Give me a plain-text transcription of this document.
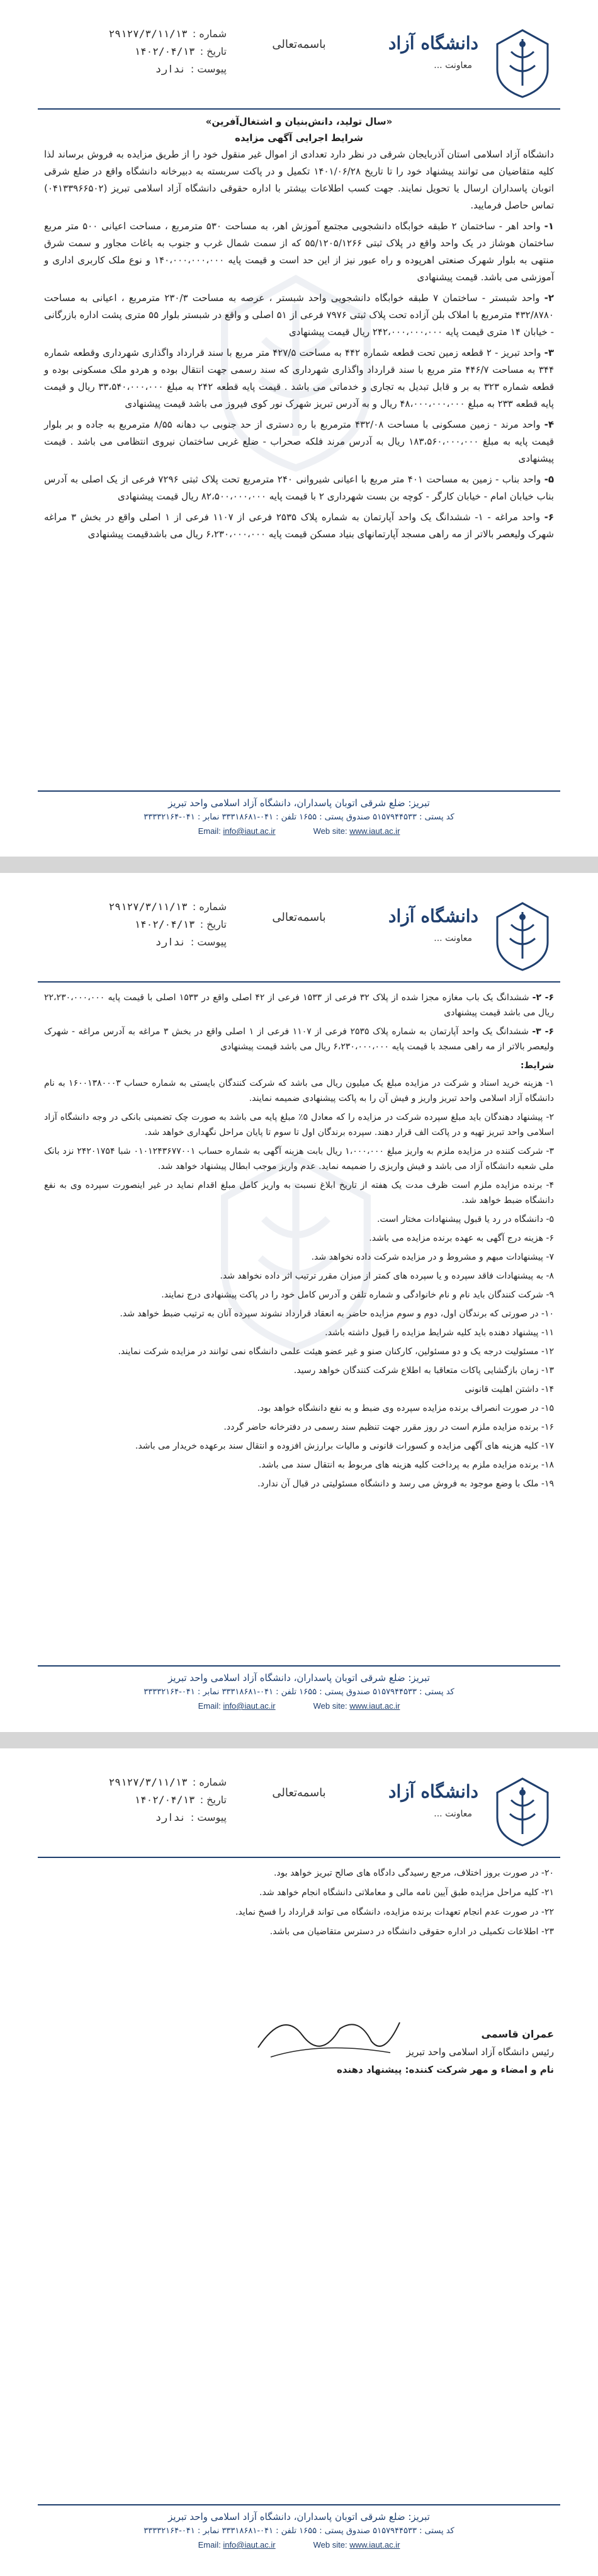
دانشگاه آزاد
معاونت ...
باسمه‌تعالی
شماره :
۲۹۱۲۷/۳/۱۱/۱۳
تاریخ :
۱۴۰۲/۰۴/۱۳
پیوست :
ندارد
«سال تولید، دانش‌بنیان و اشتغال‌آفرین»
شرایط اجرایی آگهی مزایده

دانشگاه آزاد اسلامی استان آذربایجان شرقی در نظر دارد تعدادی از اموال غیر منقول خود را از طریق مزایده به فروش برساند لذا کلیه متقاضیان می توانند پیشنهاد خود را تا تاریخ ۱۴۰۱/۰۶/۲۸ تکمیل و در پاکت سربسته به دبیرخانه دانشگاه واقع در ضلع شرقی اتوبان پاسداران ارسال یا تحویل نمایند. جهت کسب اطلاعات بیشتر با اداره حقوقی دانشگاه آزاد اسلامی تبریز (۰۴۱۳۳۹۶۶۵۰۲) تماس حاصل فرمایید.

۱- واحد اهر - ساختمان ۲ طبقه خوابگاه دانشجویی مجتمع آموزش اهر، به مساحت ۵۳۰ مترمربع ، مساحت اعیانی ۵۰۰ متر مربع ساختمان هوشاز در یک واحد واقع در پلاک ثبتی ۵۵/۱۲۰۵/۱۲۶۶ که از سمت شمال غرب و جنوب به باغات مجاور و سمت شرق منتهی به بلوار شهرک صنعتی اهرپوده و راه عبور نیز از این حد است و قیمت پایه ۱۴۰،۰۰۰،۰۰۰،۰۰۰ و نوع ملک کاربری اداری و آموزشی می باشد. قیمت پیشنهادی
۲- واحد شبستر - ساختمان ۷ طبقه خوابگاه دانشجویی واحد شبستر ، عرصه به مساحت ۲۳۰/۳ مترمربع ، اعیانی به مساحت ۴۳۲/۸۷۸۰ مترمربع با املاک بلن آزاده تحت پلاک ثبتی ۷۹۷۶ فرعی از ۵۱ اصلی و واقع در شبستر بلوار ۵۵ متری پشت اداره بازرگانی - خیابان ۱۴ متری قیمت پایه ۲۴۲،۰۰۰،۰۰۰،۰۰۰ ریال قیمت پیشنهادی
۳- واحد تبریز - ۲ قطعه زمین تحت قطعه شماره ۴۴۲ به مساحت ۴۲۷/۵ متر مربع با سند قرارداد واگذاری شهرداری وقطعه شماره ۳۴۴ به مساحت ۴۴۶/۷ متر مربع با سند قرارداد واگذاری شهرداری که سند رسمی جهت انتقال بوده و هردو ملک مسکونی بوده و قطعه شماره ۳۲۳ به بر و قابل تبدیل به تجاری و خدماتی می باشد . قیمت پایه قطعه ۲۴۲ به مبلغ ۳۳،۵۴۰،۰۰۰،۰۰۰ ریال و قیمت پایه قطعه ۲۳۳ به مبلغ ۴۸،۰۰۰،۰۰۰،۰۰۰ ریال و به آدرس تبریز شهرک نور کوی فیروز می باشد قیمت پیشنهادی
۴- واحد مرند - زمین مسکونی با مساحت ۴۳۲/۰۸ مترمربع با ره دستری از حد جنوبی ب دهانه ۸/۵۵ مترمربع به جاده و بر بلوار قیمت پایه به مبلغ ۱۸۳،۵۶۰،۰۰۰،۰۰۰ ریال به آدرس مرند فلکه صحراب - ضلع غربی ساختمان نیروی انتظامی می باشد . قیمت پیشنهادی
۵- واحد بناب - زمین به مساحت ۴۰۱ متر مربع با اعیانی شیروانی ۲۴۰ مترمربع تحت پلاک ثبتی ۷۲۹۶ فرعی از یک اصلی به آدرس بناب خیابان امام - خیابان کارگر - کوچه بن بست شهرداری ۲ با قیمت پایه ۸۲،۵۰۰،۰۰۰،۰۰۰ ریال قیمت پیشنهادی
۶- واحد مراغه - ۱- ششدانگ یک واحد آپارتمان به شماره پلاک ۲۵۳۵ فرعی از ۱۱۰۷ فرعی از ۱ اصلی واقع در بخش ۳ مراغه شهرک ولیعصر بالاتر از مه راهی مسجد آپارتمانهای بنیاد مسکن قیمت پایه ۶،۲۳۰،۰۰۰،۰۰۰ ریال می باشدقیمت پیشنهادی
تبریز: ضلع شرقی اتوبان پاسداران، دانشگاه آزاد اسلامی واحد تبریز
کد پستی : ۵۱۵۷۹۴۴۵۳۳ صندوق پستی : ۱۶۵۵ تلفن : ۰۴۱-۳۳۳۱۸۶۸۱ نمابر : ۰۴۱-۳۳۳۳۲۱۶۴
Email: info@iaut.ac.ir	Web site: www.iaut.ac.ir
دانشگاه آزاد
معاونت ...
باسمه‌تعالی
شماره :
۲۹۱۲۷/۳/۱۱/۱۳
تاریخ :
۱۴۰۲/۰۴/۱۳
پیوست :
ندارد
۶- ۲- ششدانگ یک باب مغازه مجزا شده از پلاک ۳۲ فرعی از ۱۵۳۳ فرعی از ۴۲ اصلی واقع در ۱۵۳۳ اصلی با قیمت پایه ۲۲،۲۳۰،۰۰۰،۰۰۰ ریال می باشد قیمت پیشنهادی
۶- ۳- ششدانگ یک واحد آپارتمان به شماره پلاک ۲۵۳۵ فرعی از ۱۱۰۷ فرعی از ۱ اصلی واقع در بخش ۳ مراغه به آدرس مراغه - شهرک ولیعصر بالاتر از مه راهی مسجد با قیمت پایه ۶،۲۳۰،۰۰۰،۰۰۰ ریال می باشد قیمت پیشنهادی
شرایط:
۱- هزینه خرید اسناد و شرکت در مزایده مبلغ یک میلیون ریال می باشد که شرکت کنندگان بایستی به شماره حساب ۱۶۰۰۱۳۸۰۰۰۳ به نام دانشگاه آزاد اسلامی واحد تبریز واریز و فیش آن را به پاکت پیشنهادی ضمیمه نمایند.
۲- پیشنهاد دهندگان باید مبلغ سپرده شرکت در مزایده را که معادل ۵٪ مبلغ پایه می باشد به صورت چک تضمینی بانکی در وجه دانشگاه آزاد اسلامی واحد تبریز تهیه و در پاکت الف قرار دهند. سپرده برندگان اول تا سوم تا پایان مراحل نگهداری خواهد شد.
۳- شرکت کننده در مزایده ملزم به واریز مبلغ ۱،۰۰۰،۰۰۰ ریال بابت هزینه آگهی به شماره حساب ۰۱۰۱۲۴۳۶۷۷۰۰۱ شبا ۲۴۲۰۱۷۵۴ نزد بانک ملی شعبه دانشگاه آزاد می باشد و فیش واریزی را ضمیمه نماید. عدم واریز موجب ابطال پیشنهاد خواهد شد.
۴- برنده مزایده ملزم است ظرف مدت یک هفته از تاریخ ابلاغ نسبت به واریز کامل مبلغ اقدام نماید در غیر اینصورت سپرده وی به نفع دانشگاه ضبط خواهد شد.
۵- دانشگاه در رد یا قبول پیشنهادات مختار است.
۶- هزینه درج آگهی به عهده برنده مزایده می باشد.
۷- پیشنهادات مبهم و مشروط و در مزایده شرکت داده نخواهد شد.
۸- به پیشنهادات فاقد سپرده و یا سپرده های کمتر از میزان مقرر ترتیب اثر داده نخواهد شد.
۹- شرکت کنندگان باید نام و نام خانوادگی و شماره تلفن و آدرس کامل خود را در پاکت پیشنهادی درج نمایند.
۱۰- در صورتی که برندگان اول، دوم و سوم مزایده حاضر به انعقاد قرارداد نشوند سپرده آنان به ترتیب ضبط خواهد شد.
۱۱- پیشنهاد دهنده باید کلیه شرایط مزایده را قبول داشته باشد.
۱۲- مسئولیت درجه یک و دو مسئولین، کارکنان صنو و غیر عضو هیئت علمی دانشگاه نمی توانند در مزایده شرکت نمایند.
۱۳- زمان بازگشایی پاکات متعاقبا به اطلاع شرکت کنندگان خواهد رسید.
۱۴- داشتن اهلیت قانونی
۱۵- در صورت انصراف برنده مزایده سپرده وی ضبط و به نفع دانشگاه خواهد بود.
۱۶- برنده مزایده ملزم است در روز مقرر جهت تنظیم سند رسمی در دفترخانه حاضر گردد.
۱۷- کلیه هزینه های آگهی مزایده و کسورات قانونی و مالیات برارزش افزوده و انتقال سند برعهده خریدار می باشد.
۱۸- برنده مزایده ملزم به پرداخت کلیه هزینه های مربوط به انتقال سند می باشد.
۱۹- ملک با وضع موجود به فروش می رسد و دانشگاه مسئولیتی در قبال آن ندارد.
تبریز: ضلع شرقی اتوبان پاسداران، دانشگاه آزاد اسلامی واحد تبریز
کد پستی : ۵۱۵۷۹۴۴۵۳۳ صندوق پستی : ۱۶۵۵ تلفن : ۰۴۱-۳۳۳۱۸۶۸۱ نمابر : ۰۴۱-۳۳۳۳۲۱۶۴
Email: info@iaut.ac.ir	Web site: www.iaut.ac.ir
دانشگاه آزاد
معاونت ...
باسمه‌تعالی
شماره :
۲۹۱۲۷/۳/۱۱/۱۳
تاریخ :
۱۴۰۲/۰۴/۱۳
پیوست :
ندارد
۲۰- در صورت بروز اختلاف، مرجع رسیدگی دادگاه های صالح تبریز خواهد بود.
۲۱- کلیه مراحل مزایده طبق آیین نامه مالی و معاملاتی دانشگاه انجام خواهد شد.
۲۲- در صورت عدم انجام تعهدات برنده مزایده، دانشگاه می تواند قرارداد را فسخ نماید.
۲۳- اطلاعات تکمیلی در اداره حقوقی دانشگاه در دسترس متقاضیان می باشد.
عمران قاسمی
رئیس دانشگاه آزاد اسلامی واحد تبریز
نام و امضاء و مهر شرکت کننده: پیشنهاد دهنده
تبریز: ضلع شرقی اتوبان پاسداران، دانشگاه آزاد اسلامی واحد تبریز
کد پستی : ۵۱۵۷۹۴۴۵۳۳ صندوق پستی : ۱۶۵۵ تلفن : ۰۴۱-۳۳۳۱۸۶۸۱ نمابر : ۰۴۱-۳۳۳۳۲۱۶۴
Email: info@iaut.ac.ir	Web site: www.iaut.ac.ir
